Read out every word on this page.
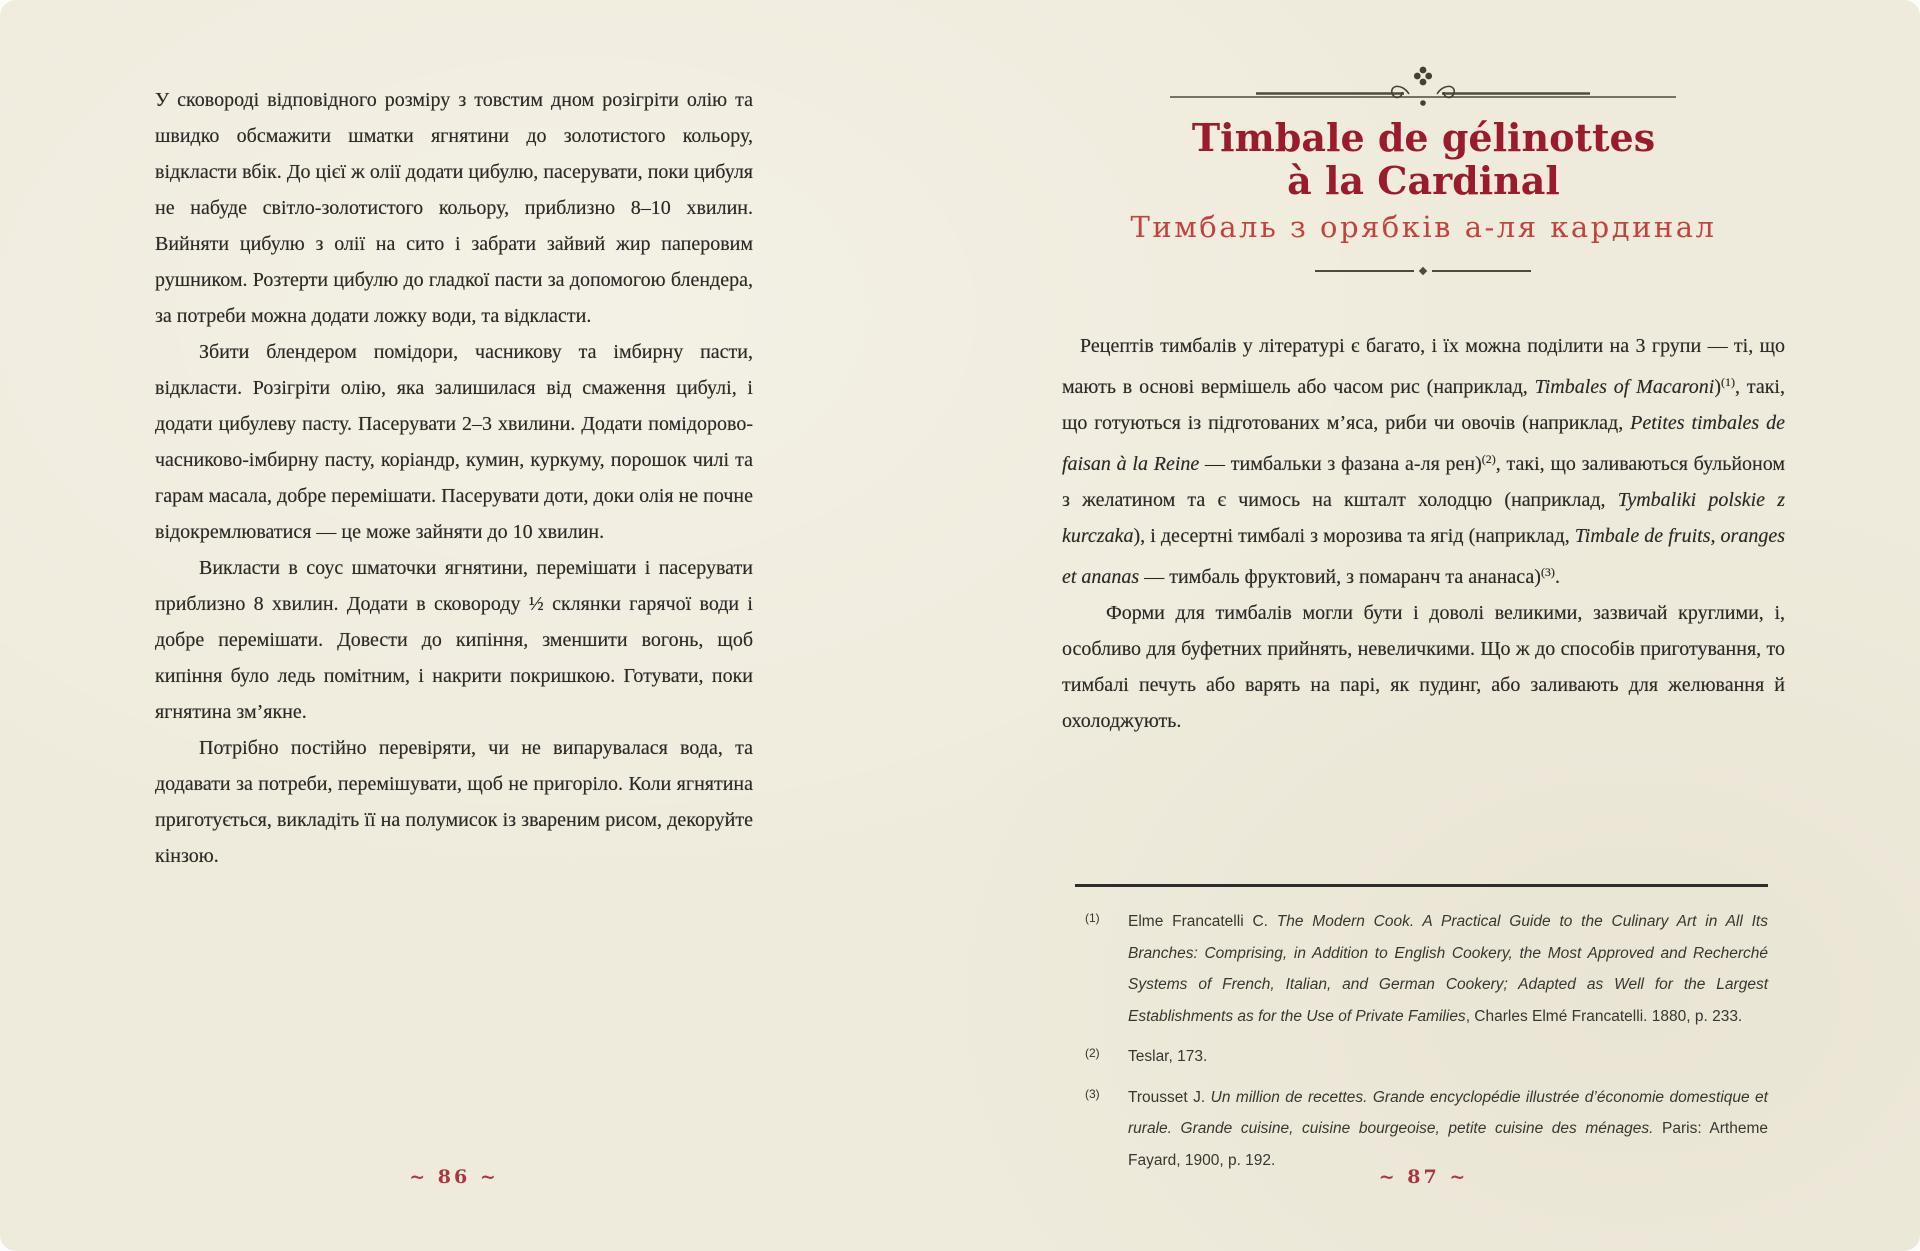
У сковороді відповідного розміру з товстим дном розігріти олію та швидко обсмажити шматки ягнятини до золотистого кольору, відкласти вбік. До цієї ж олії додати цибулю, пасерувати, поки цибуля не набуде світло-золотистого кольору, приблизно 8–10 хвилин. Вийняти цибулю з олії на сито і забрати зайвий жир паперовим рушником. Розтерти цибулю до гладкої пасти за допомогою блендера, за потреби можна додати ложку води, та відкласти.

Збити блендером помідори, часникову та імбирну пасти, відкласти. Розігріти олію, яка залишилася від смаження цибулі, і додати цибулеву пасту. Пасерувати 2–3 хвилини. Додати помідорово-часниково-імбирну пасту, коріандр, кумин, куркуму, порошок чилі та гарам масала, добре перемішати. Пасерувати доти, доки олія не почне відокремлюватися — це може зайняти до 10 хвилин.

Викласти в соус шматочки ягнятини, перемішати і пасерувати приблизно 8 хвилин. Додати в сковороду ½ склянки гарячої води і добре перемішати. Довести до кипіння, зменшити вогонь, щоб кипіння було ледь помітним, і накрити покришкою. Готувати, поки ягнятина зм’якне.

Потрібно постійно перевіряти, чи не випарувалася вода, та додавати за потреби, перемішувати, щоб не пригоріло. Коли ягнятина приготується, викладіть її на полумисок із звареним рисом, декоруйте кінзою.

~ 86 ~
Timbale de gélinottes
à la Cardinal
Тимбаль з орябків а-ля кардинал

Рецептів тимбалів у літературі є багато, і їх можна поділити на 3 групи — ті, що мають в основі вермішель або часом рис (наприклад, Timbales of Macaroni)$^{(1)}$, такі, що готуються із підготованих м’яса, риби чи овочів (наприклад, Petites timbales de faisan à la Reine — тимбальки з фазана а-ля рен)$^{(2)}$, такі, що заливаються бульйоном з желатином та є чимось на кшталт холодцю (наприклад, Tymbaliki polskie z kurczaka), і десертні тимбалі з морозива та ягід (наприклад, Timbale de fruits, oranges et ananas — тимбаль фруктовий, з помаранч та ананаса)$^{(3)}$.

Форми для тимбалів могли бути і доволі великими, зазвичай круглими, і, особливо для буфетних прийнять, невеличкими. Що ж до способів приготування, то тимбалі печуть або варять на парі, як пудинг, або заливають для желювання й охолоджують.

(1)	Elme Francatelli C. The Modern Cook. A Practical Guide to the Culinary Art in All Its Branches: Comprising, in Addition to English Cookery, the Most Approved and Recherché Systems of French, Italian, and German Cookery; Adapted as Well for the Largest Establishments as for the Use of Private Families, Charles Elmé Francatelli. 1880, p. 233.
(2)	Teslar, 173.
(3)	Trousset J. Un million de recettes. Grande encyclopédie illustrée d’économie domestique et rurale. Grande cuisine, cuisine bourgeoise, petite cuisine des ménages. Paris: Artheme Fayard, 1900, p. 192.
~ 87 ~
